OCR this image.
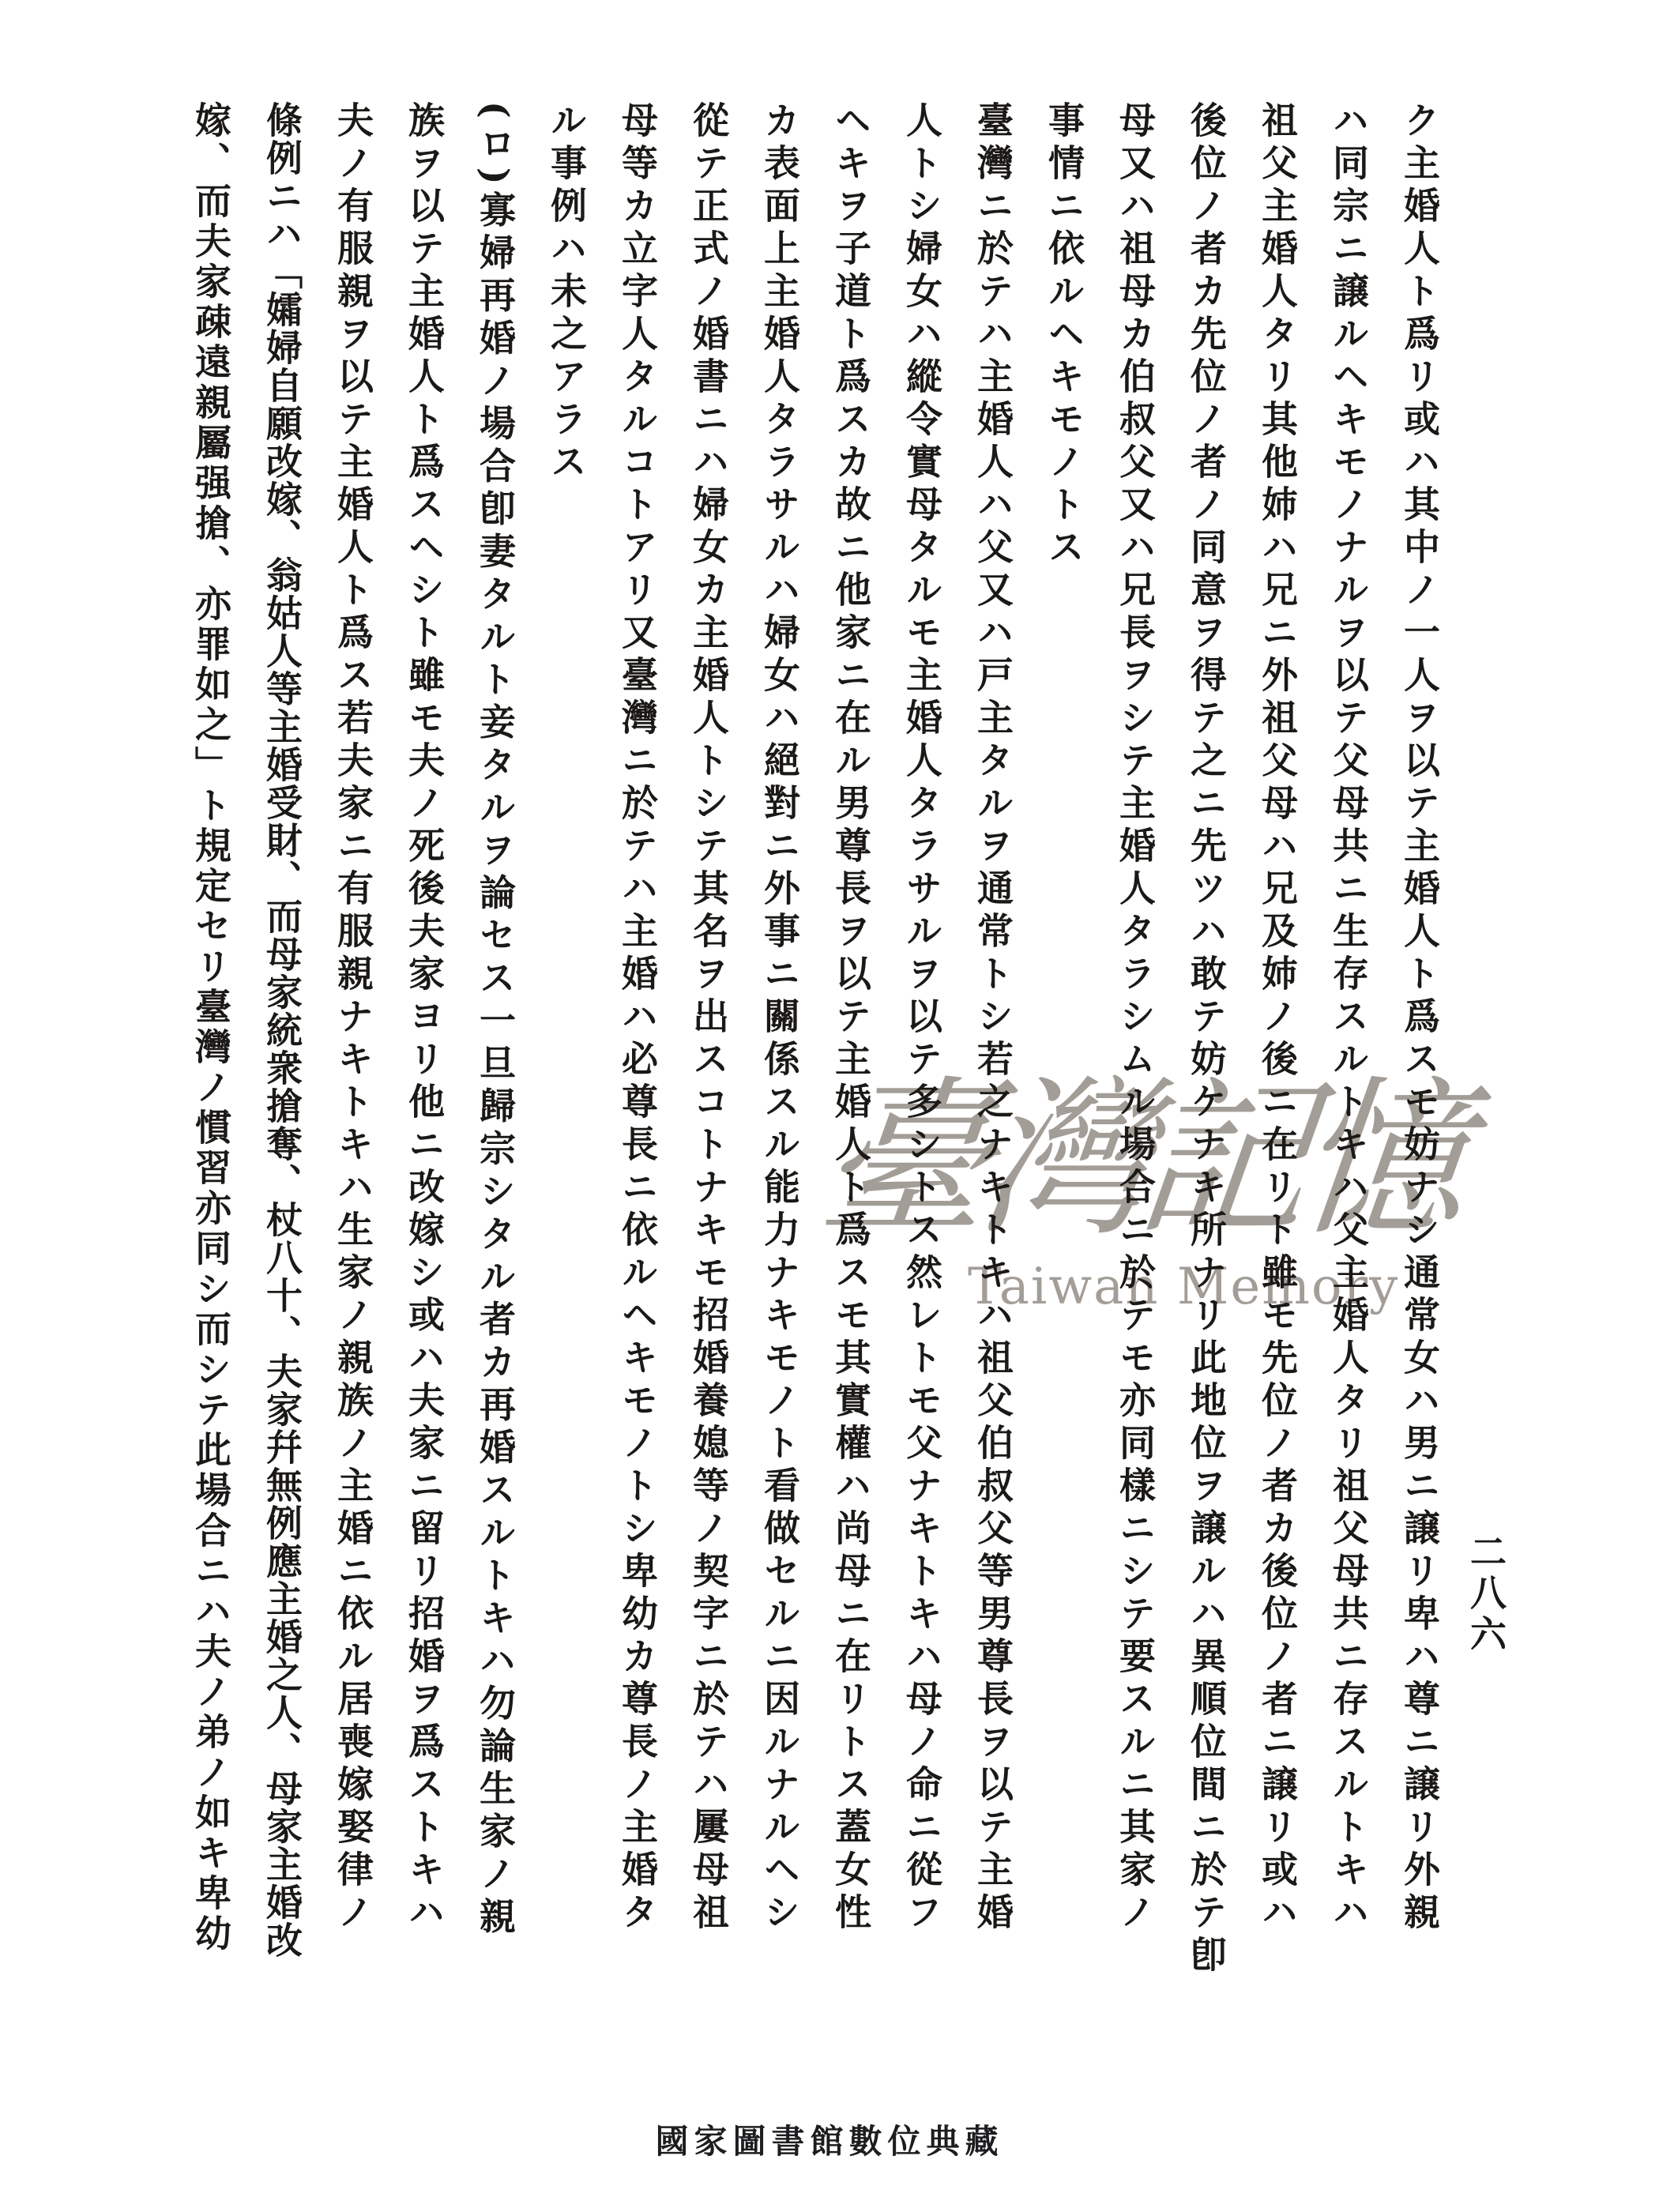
臺灣記憶
Taiwan Memory

ク主婚人ト爲リ或ハ其中ノ一人ヲ以テ主婚人ト爲スモ妨ナシ通常女ハ男ニ譲リ卑ハ尊ニ譲リ外親

ハ同宗ニ譲ルヘキモノナルヲ以テ父母共ニ生存スルトキハ父主婚人タリ祖父母共ニ存スルトキハ

祖父主婚人タリ其他姉ハ兄ニ外祖父母ハ兄及姉ノ後ニ在リト雖モ先位ノ者カ後位ノ者ニ譲リ或ハ

後位ノ者カ先位ノ者ノ同意ヲ得テ之ニ先ツハ敢テ妨ケナキ所ナリ此地位ヲ譲ルハ異順位間ニ於テ卽

母又ハ祖母カ伯叔父又ハ兄長ヲシテ主婚人タラシムル場合ニ於テモ亦同樣ニシテ要スルニ其家ノ

事情ニ依ルヘキモノトス

臺灣ニ於テハ主婚人ハ父又ハ戸主タルヲ通常トシ若之ナキトキハ祖父伯叔父等男尊長ヲ以テ主婚

人トシ婦女ハ縱令實母タルモ主婚人タラサルヲ以テ多シトス然レトモ父ナキトキハ母ノ命ニ從フ

ヘキヲ子道ト爲スカ故ニ他家ニ在ル男尊長ヲ以テ主婚人ト爲スモ其實權ハ尚母ニ在リトス蓋女性

カ表面上主婚人タラサルハ婦女ハ絕對ニ外事ニ關係スル能力ナキモノト看做セルニ因ルナルヘシ

從テ正式ノ婚書ニハ婦女カ主婚人トシテ其名ヲ出スコトナキモ招婚養媳等ノ契字ニ於テハ屢母祖

母等カ立字人タルコトアリ又臺灣ニ於テハ主婚ハ必尊長ニ依ルヘキモノトシ卑幼カ尊長ノ主婚タ

ル事例ハ未之アラス

(ロ)寡婦再婚ノ場合卽妻タルト妾タルヲ論セス一旦歸宗シタル者カ再婚スルトキハ勿論生家ノ親

族ヲ以テ主婚人ト爲スヘシト雖モ夫ノ死後夫家ヨリ他ニ改嫁シ或ハ夫家ニ留リ招婚ヲ爲ストキハ

夫ノ有服親ヲ以テ主婚人ト爲ス若夫家ニ有服親ナキトキハ生家ノ親族ノ主婚ニ依ル居喪嫁娶律ノ

條例ニハ「孀婦自願改嫁、翁姑人等主婚受財、而母家統衆搶奪、杖八十、夫家幷無例應主婚之人、母家主婚改

嫁、而夫家疎遠親屬强搶、亦罪如之」ト規定セリ臺灣ノ慣習亦同シ而シテ此場合ニハ夫ノ弟ノ如キ卑幼	二八六
國家圖書館數位典藏
